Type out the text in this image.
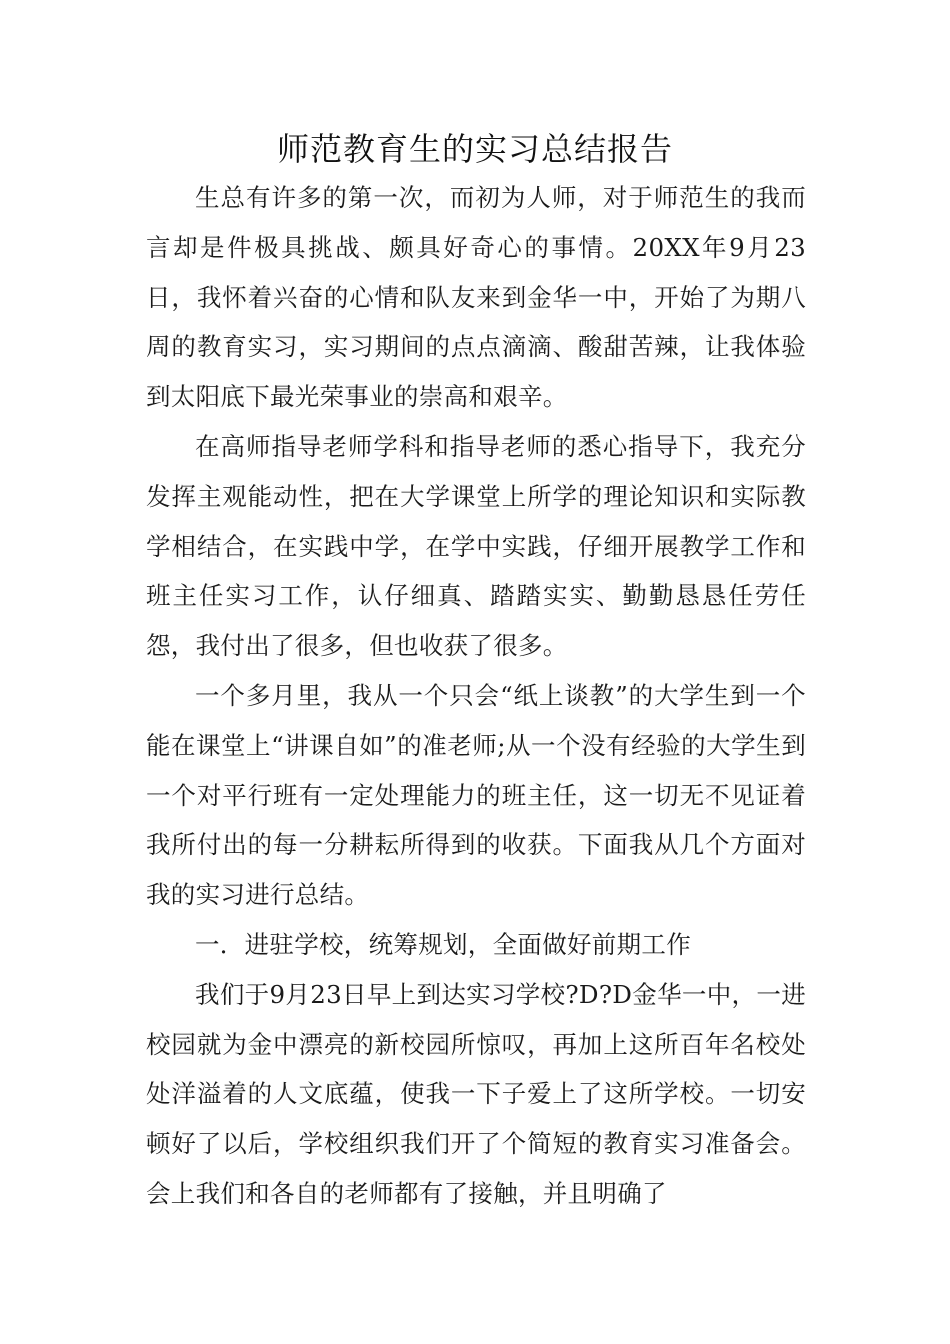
师范教育生的实习总结报告

生总有许多的第一次，而初为人师，对于师范生的我而言却是件极具挑战、颇具好奇心的事情。20XX年9月23日，我怀着兴奋的心情和队友来到金华一中，开始了为期八周的教育实习，实习期间的点点滴滴、酸甜苦辣，让我体验到太阳底下最光荣事业的崇高和艰辛。

在高师指导老师学科和指导老师的悉心指导下，我充分发挥主观能动性，把在大学课堂上所学的理论知识和实际教学相结合，在实践中学，在学中实践，仔细开展教学工作和班主任实习工作，认仔细真、踏踏实实、勤勤恳恳任劳任怨，我付出了很多，但也收获了很多。

一个多月里，我从一个只会“纸上谈教”的大学生到一个能在课堂上“讲课自如”的准老师;从一个没有经验的大学生到一个对平行班有一定处理能力的班主任，这一切无不见证着我所付出的每一分耕耘所得到的收获。下面我从几个方面对我的实习进行总结。

一．进驻学校，统筹规划，全面做好前期工作

我们于9月23日早上到达实习学校?D?D金华一中，一进校园就为金中漂亮的新校园所惊叹，再加上这所百年名校处处洋溢着的人文底蕴，使我一下子爱上了这所学校。一切安顿好了以后，学校组织我们开了个简短的教育实习准备会。会上我们和各自的老师都有了接触，并且明确了
